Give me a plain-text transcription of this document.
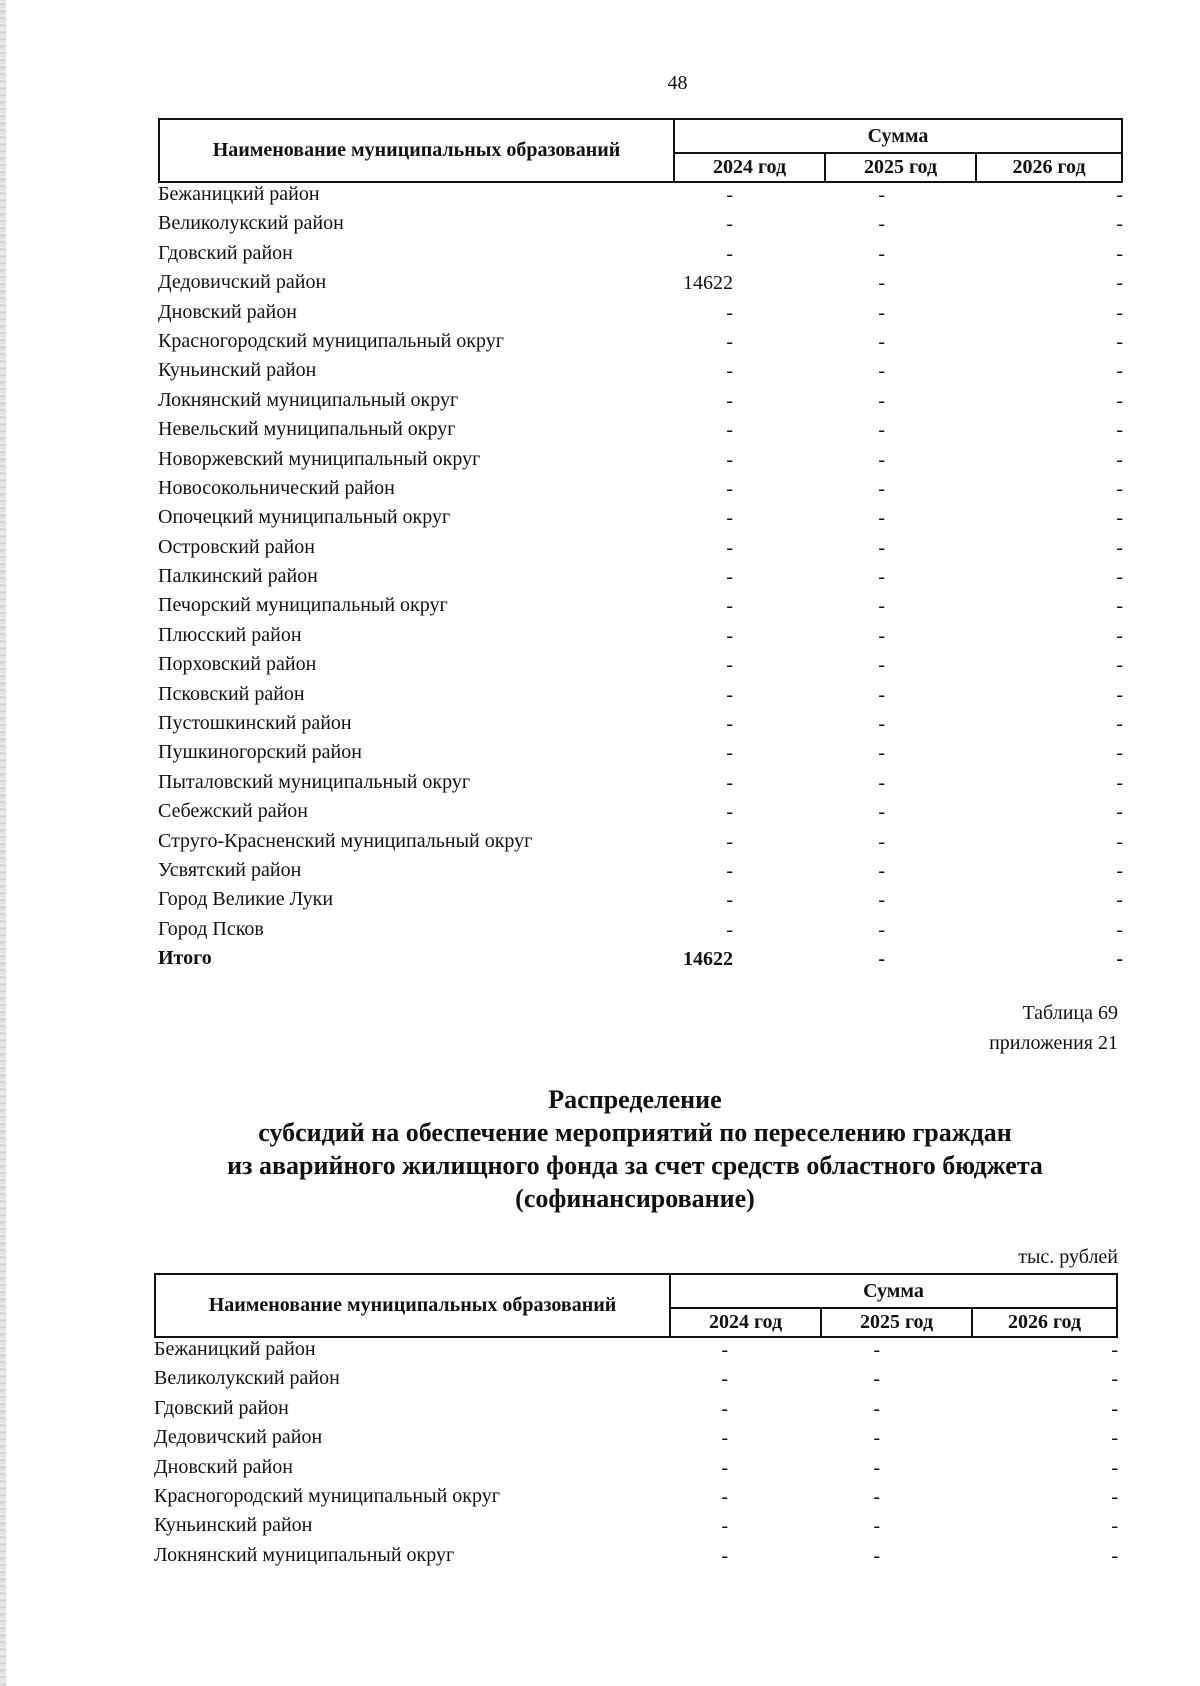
48
Наименование муниципальных образований
Сумма
2024 год	2025 год	2026 год
Бежаницкий район	-	-	-
Великолукский район	-	-	-
Гдовский район	-	-	-
Дедовичский район	14622	-	-
Дновский район	-	-	-
Красногородский муниципальный округ	-	-	-
Куньинский район	-	-	-
Локнянский муниципальный округ	-	-	-
Невельский муниципальный округ	-	-	-
Новоржевский муниципальный округ	-	-	-
Новосокольнический район	-	-	-
Опочецкий муниципальный округ	-	-	-
Островский район	-	-	-
Палкинский район	-	-	-
Печорский муниципальный округ	-	-	-
Плюсский район	-	-	-
Порховский район	-	-	-
Псковский район	-	-	-
Пустошкинский район	-	-	-
Пушкиногорский район	-	-	-
Пыталовский муниципальный округ	-	-	-
Себежский район	-	-	-
Струго-Красненский муниципальный округ	-	-	-
Усвятский район	-	-	-
Город Великие Луки	-	-	-
Город Псков	-	-	-
Итого	14622	-	-
Таблица 69
приложения 21
Распределение
субсидий на обеспечение мероприятий по переселению граждан
из аварийного жилищного фонда за счет средств областного бюджета
(софинансирование)
тыс. рублей
Наименование муниципальных образований
Сумма
2024 год	2025 год	2026 год
Бежаницкий район	-	-	-
Великолукский район	-	-	-
Гдовский район	-	-	-
Дедовичский район	-	-	-
Дновский район	-	-	-
Красногородский муниципальный округ	-	-	-
Куньинский район	-	-	-
Локнянский муниципальный округ	-	-	-
